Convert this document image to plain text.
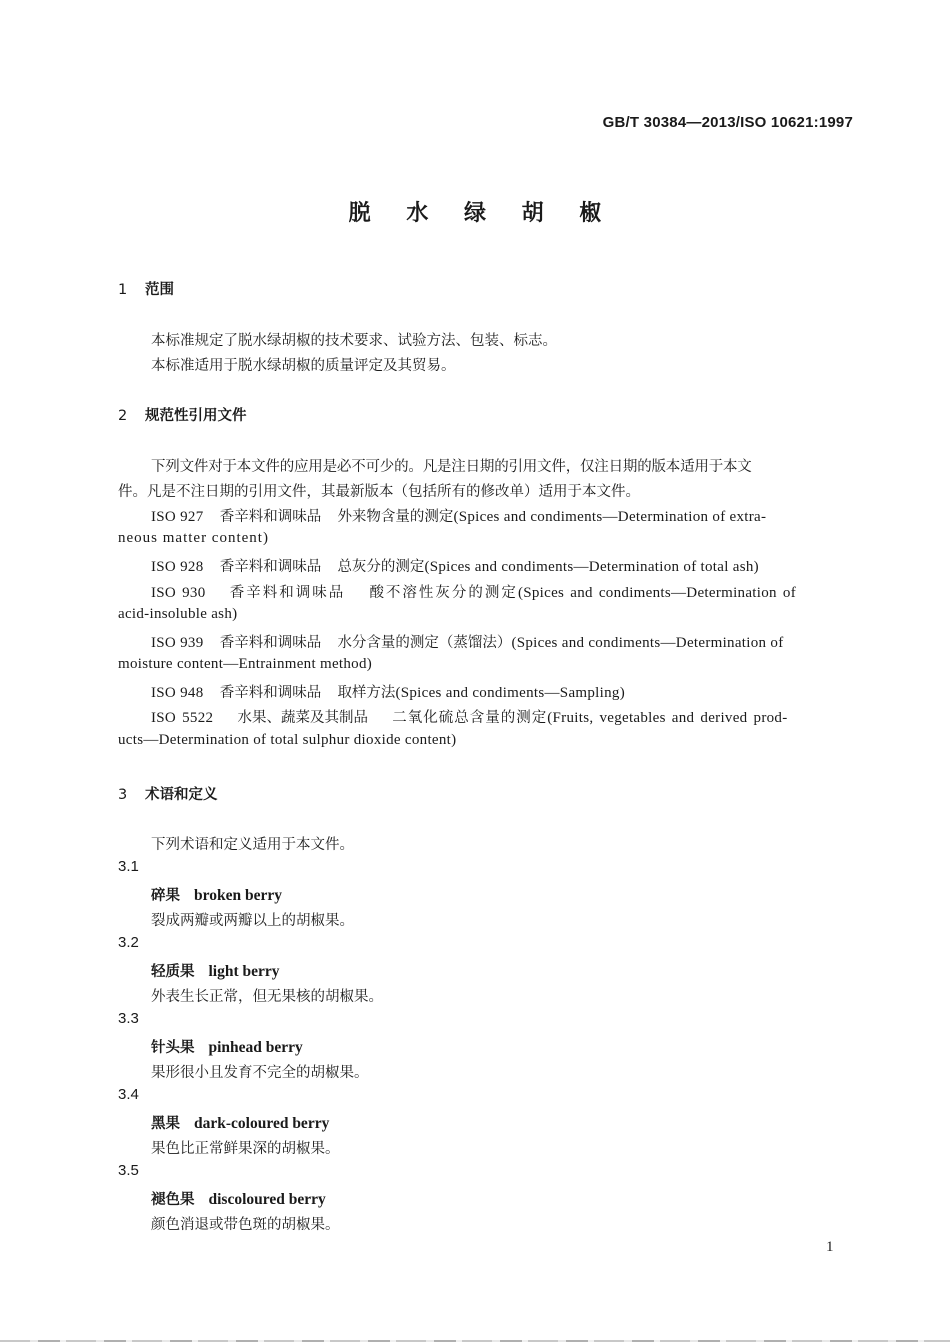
GB/T 30384—2013/ISO 10621:1997
脱 水 绿 胡 椒
1 范围
本标准规定了脱水绿胡椒的技术要求、试验方法、包装、标志。
本标准适用于脱水绿胡椒的质量评定及其贸易。
2 规范性引用文件
下列文件对于本文件的应用是必不可少的。凡是注日期的引用文件，仅注日期的版本适用于本文
件。凡是不注日期的引用文件，其最新版本（包括所有的修改单）适用于本文件。
ISO 927 香辛料和调味品 外来物含量的测定(Spices and condiments—Determination of extra-
neous matter content)
ISO 928 香辛料和调味品 总灰分的测定(Spices and condiments—Determination of total ash)
ISO 930 香辛料和调味品 酸不溶性灰分的测定(Spices and condiments—Determination of
acid-insoluble ash)
ISO 939 香辛料和调味品 水分含量的测定（蒸馏法）(Spices and condiments—Determination of
moisture content—Entrainment method)
ISO 948 香辛料和调味品 取样方法(Spices and condiments—Sampling)
ISO 5522 水果、蔬菜及其制品 二氧化硫总含量的测定(Fruits, vegetables and derived prod-
ucts—Determination of total sulphur dioxide content)
3 术语和定义
下列术语和定义适用于本文件。
3.1
碎果 broken berry
裂成两瓣或两瓣以上的胡椒果。
3.2
轻质果 light berry
外表生长正常，但无果核的胡椒果。
3.3
针头果 pinhead berry
果形很小且发育不完全的胡椒果。
3.4
黑果 dark-coloured berry
果色比正常鲜果深的胡椒果。
3.5
褪色果 discoloured berry
颜色消退或带色斑的胡椒果。
1
